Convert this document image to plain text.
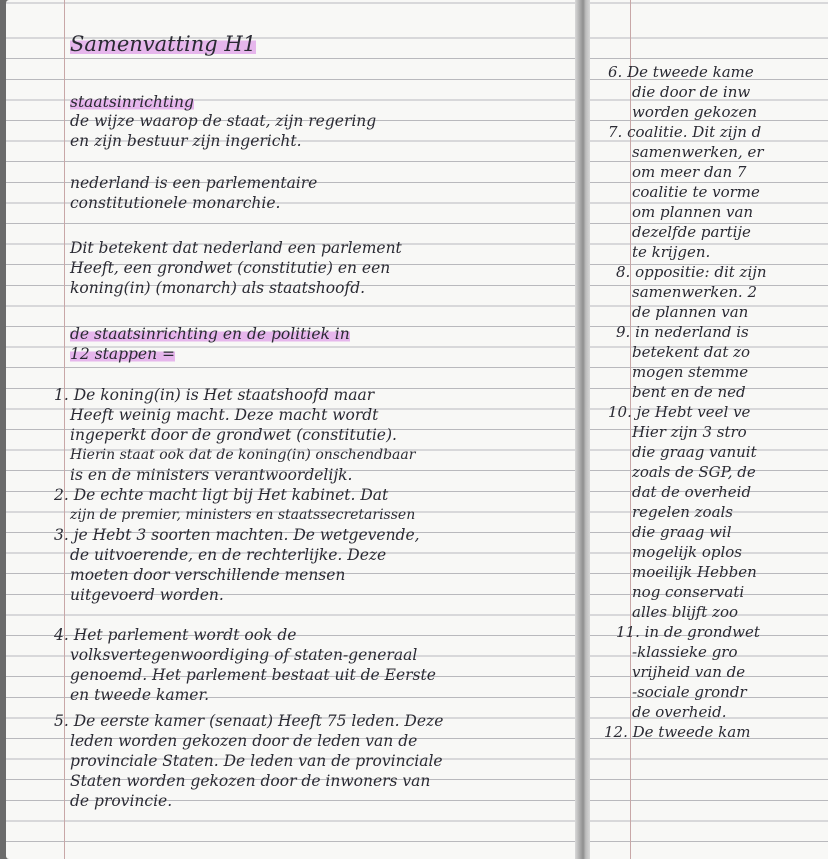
Samenvatting H1
staatsinrichting
de wijze waarop de staat, zijn regering
en zijn bestuur zijn ingericht.
nederland is een parlementaire
constitutionele monarchie.
Dit betekent dat nederland een parlement
Heeft, een grondwet (constitutie) en een
koning(in) (monarch) als staatshoofd.
de staatsinrichting en de politiek in
12 stappen =
1. De koning(in) is Het staatshoofd maar
Heeft weinig macht. Deze macht wordt
ingeperkt door de grondwet (constitutie).
Hierin staat ook dat de koning(in) onschendbaar
is en de ministers verantwoordelijk.
2. De echte macht ligt bij Het kabinet. Dat
zijn de premier, ministers en staatssecretarissen
3. je Hebt 3 soorten machten. De wetgevende,
de uitvoerende, en de rechterlijke. Deze
moeten door verschillende mensen
uitgevoerd worden.
4. Het parlement wordt ook de
volksvertegenwoordiging of staten-generaal
genoemd. Het parlement bestaat uit de Eerste
en tweede kamer.
5. De eerste kamer (senaat) Heeft 75 leden. Deze
leden worden gekozen door de leden van de
provinciale Staten. De leden van de provinciale
Staten worden gekozen door de inwoners van
de provincie.
6. De tweede kame
die door de inw
worden gekozen
7. coalitie. Dit zijn d
samenwerken, er
om meer dan 7
coalitie te vorme
om plannen van
dezelfde partije
te krijgen.
8. oppositie: dit zijn
samenwerken. 2
de plannen van
9. in nederland is
betekent dat zo
mogen stemme
bent en de ned
10. je Hebt veel ve
Hier zijn 3 stro
die graag vanuit
zoals de SGP, de
dat de overheid
regelen zoals
die graag wil
mogelijk oplos
moeilijk Hebben
nog conservati
alles blijft zoo
11. in de grondwet
-klassieke gro
vrijheid van de
-sociale grondr
de overheid.
12. De tweede kam
